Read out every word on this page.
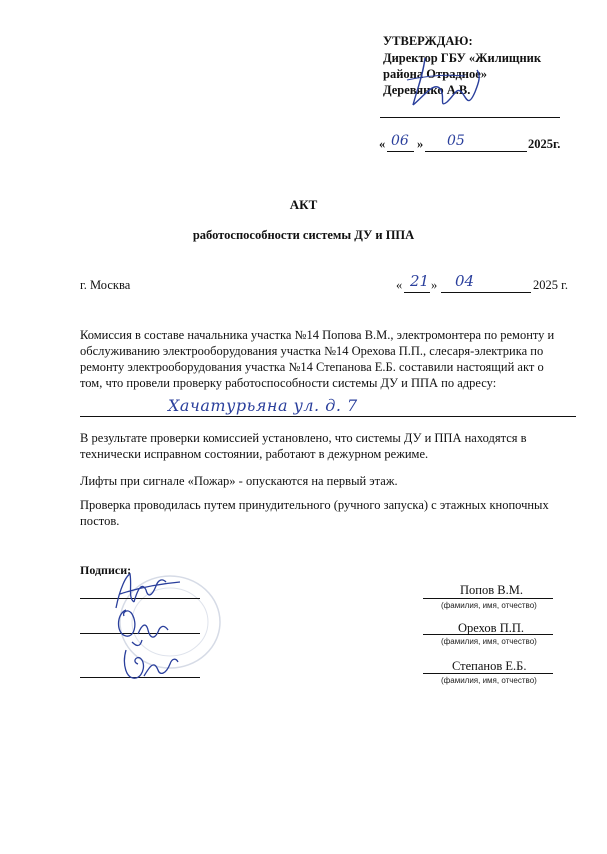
УТВЕРЖДАЮ:
Директор ГБУ «Жилищник
района Отрадное»
Деревянко А.В.
« 06 » 05	2025г.
АКТ
работоспособности системы ДУ и ППА
г. Москва	« 21 » 04	2025 г.
Комиссия в составе начальника участка №14 Попова В.М., электромонтера по ремонту и
обслуживанию электрооборудования участка №14 Орехова П.П., слесаря-электрика по
ремонту электрооборудования участка №14 Степанова Е.Б. составили настоящий акт о
том, что провели проверку работоспособности системы ДУ и ППА по адресу:
Хачатурьяна ул. д. 7
В результате проверки комиссией установлено, что системы ДУ и ППА находятся в
технически исправном состоянии, работают в дежурном режиме.
Лифты при сигнале «Пожар» - опускаются на первый этаж.
Проверка проводилась путем принудительного (ручного запуска) с этажных кнопочных
постов.
Подписи:
Попов В.М.
(фамилия, имя, отчество)
Орехов П.П.
(фамилия, имя, отчество)
Степанов Е.Б.
(фамилия, имя, отчество)
